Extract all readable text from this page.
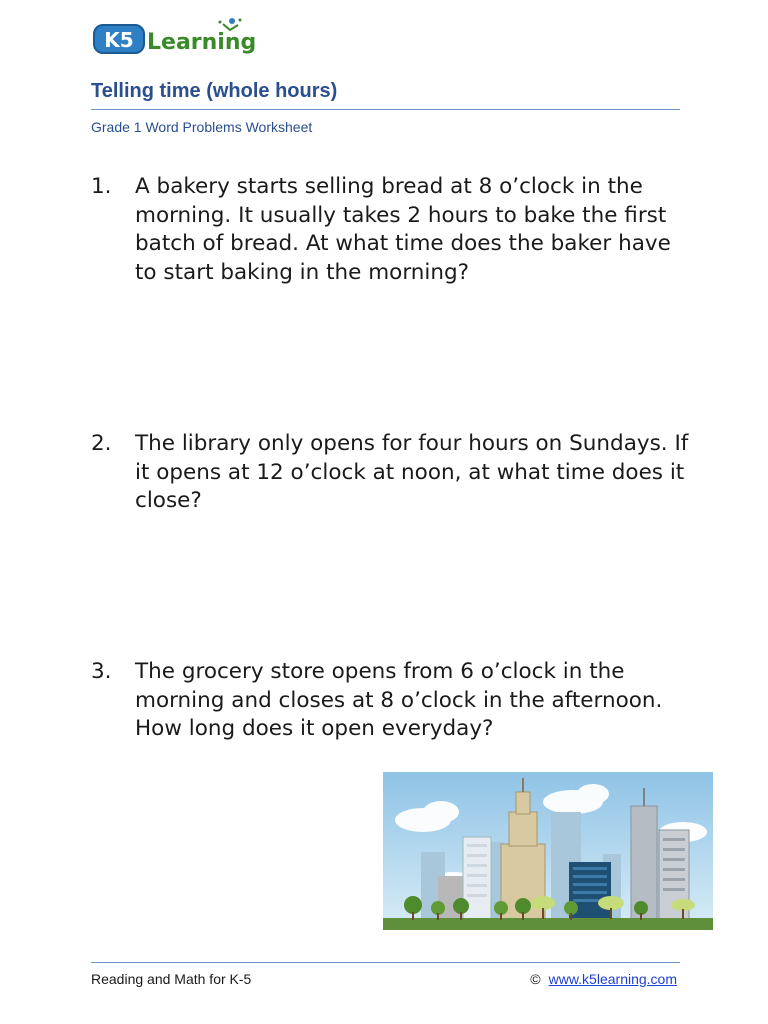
K5 Learning
Telling time (whole hours)
Grade 1 Word Problems Worksheet
1. A bakery starts selling bread at 8 o’clock in the morning. It usually takes 2 hours to bake the first batch of bread. At what time does the baker have to start baking in the morning?
2. The library only opens for four hours on Sundays. If it opens at 12 o’clock at noon, at what time does it close?
3. The grocery store opens from 6 o’clock in the morning and closes at 8 o’clock in the afternoon. How long does it open everyday?
Reading and Math for K-5	© www.k5learning.com
